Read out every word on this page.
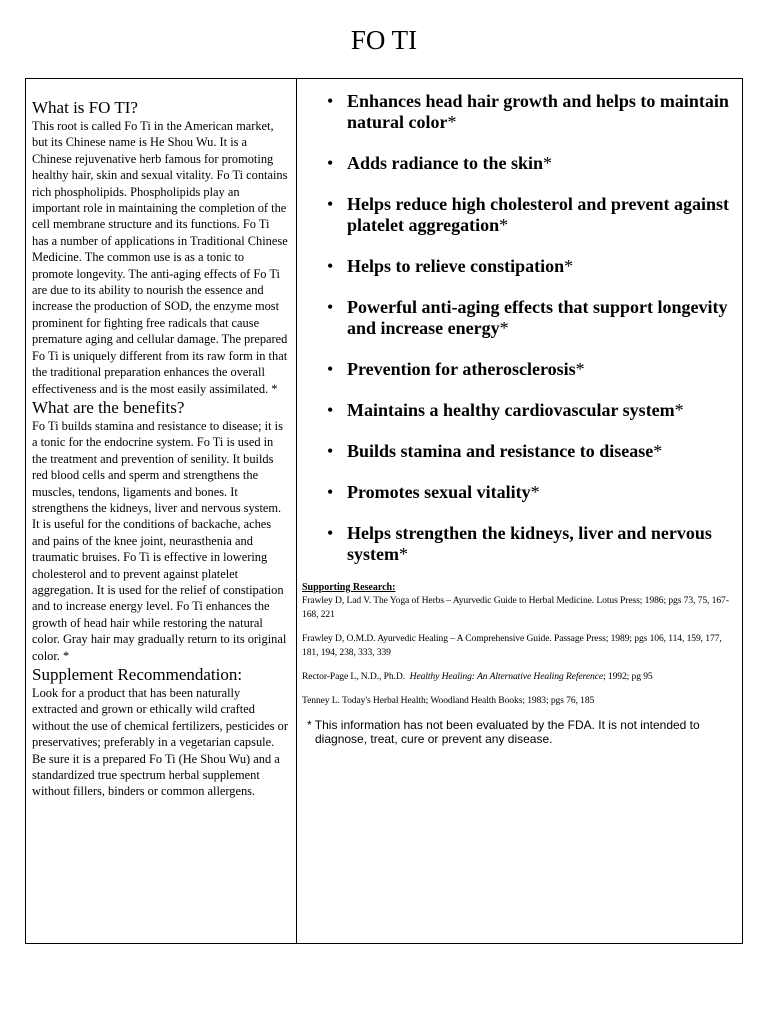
FO TI
What is FO TI?

This root is called Fo Ti in the American market, but its Chinese name is He Shou Wu. It is a Chinese rejuvenative herb famous for promoting healthy hair, skin and sexual vitality. Fo Ti contains rich phospholipids. Phospholipids play an important role in maintaining the completion of the cell membrane structure and its functions. Fo Ti has a number of applications in Traditional Chinese Medicine. The common use is as a tonic to promote longevity. The anti-aging effects of Fo Ti are due to its ability to nourish the essence and increase the production of SOD, the enzyme most prominent for fighting free radicals that cause premature aging and cellular damage. The prepared Fo Ti is uniquely different from its raw form in that the traditional preparation enhances the overall effectiveness and is the most easily assimilated. *

What are the benefits?

Fo Ti builds stamina and resistance to disease; it is a tonic for the endocrine system. Fo Ti is used in the treatment and prevention of senility. It builds red blood cells and sperm and strengthens the muscles, tendons, ligaments and bones. It strengthens the kidneys, liver and nervous system. It is useful for the conditions of backache, aches and pains of the knee joint, neurasthenia and traumatic bruises. Fo Ti is effective in lowering cholesterol and to prevent against platelet aggregation. It is used for the relief of constipation and to increase energy level. Fo Ti enhances the growth of head hair while restoring the natural color. Gray hair may gradually return to its original color. *

Supplement Recommendation:

Look for a product that has been naturally extracted and grown or ethically wild crafted without the use of chemical fertilizers, pesticides or preservatives; preferably in a vegetarian capsule. Be sure it is a prepared Fo Ti (He Shou Wu) and a standardized true spectrum herbal supplement without fillers, binders or common allergens.

• Enhances head hair growth and helps to maintain natural color*
• Adds radiance to the skin*
• Helps reduce high cholesterol and prevent against platelet aggregation*
• Helps to relieve constipation*
• Powerful anti-aging effects that support longevity and increase energy*
• Prevention for atherosclerosis*
• Maintains a healthy cardiovascular system*
• Builds stamina and resistance to disease*
• Promotes sexual vitality*
• Helps strengthen the kidneys, liver and nervous system*
Supporting Research:

Frawley D, Lad V. The Yoga of Herbs – Ayurvedic Guide to Herbal Medicine. Lotus Press; 1986; pgs 73, 75, 167-168, 221

Frawley D, O.M.D. Ayurvedic Healing – A Comprehensive Guide. Passage Press; 1989; pgs 106, 114, 159, 177, 181, 194, 238, 333, 339

Rector-Page L, N.D., Ph.D. Healthy Healing: An Alternative Healing Reference; 1992; pg 95

Tenney L. Today's Herbal Health; Woodland Health Books; 1983; pgs 76, 185

* This information has not been evaluated by the FDA. It is not intended to
diagnose, treat, cure or prevent any disease.
